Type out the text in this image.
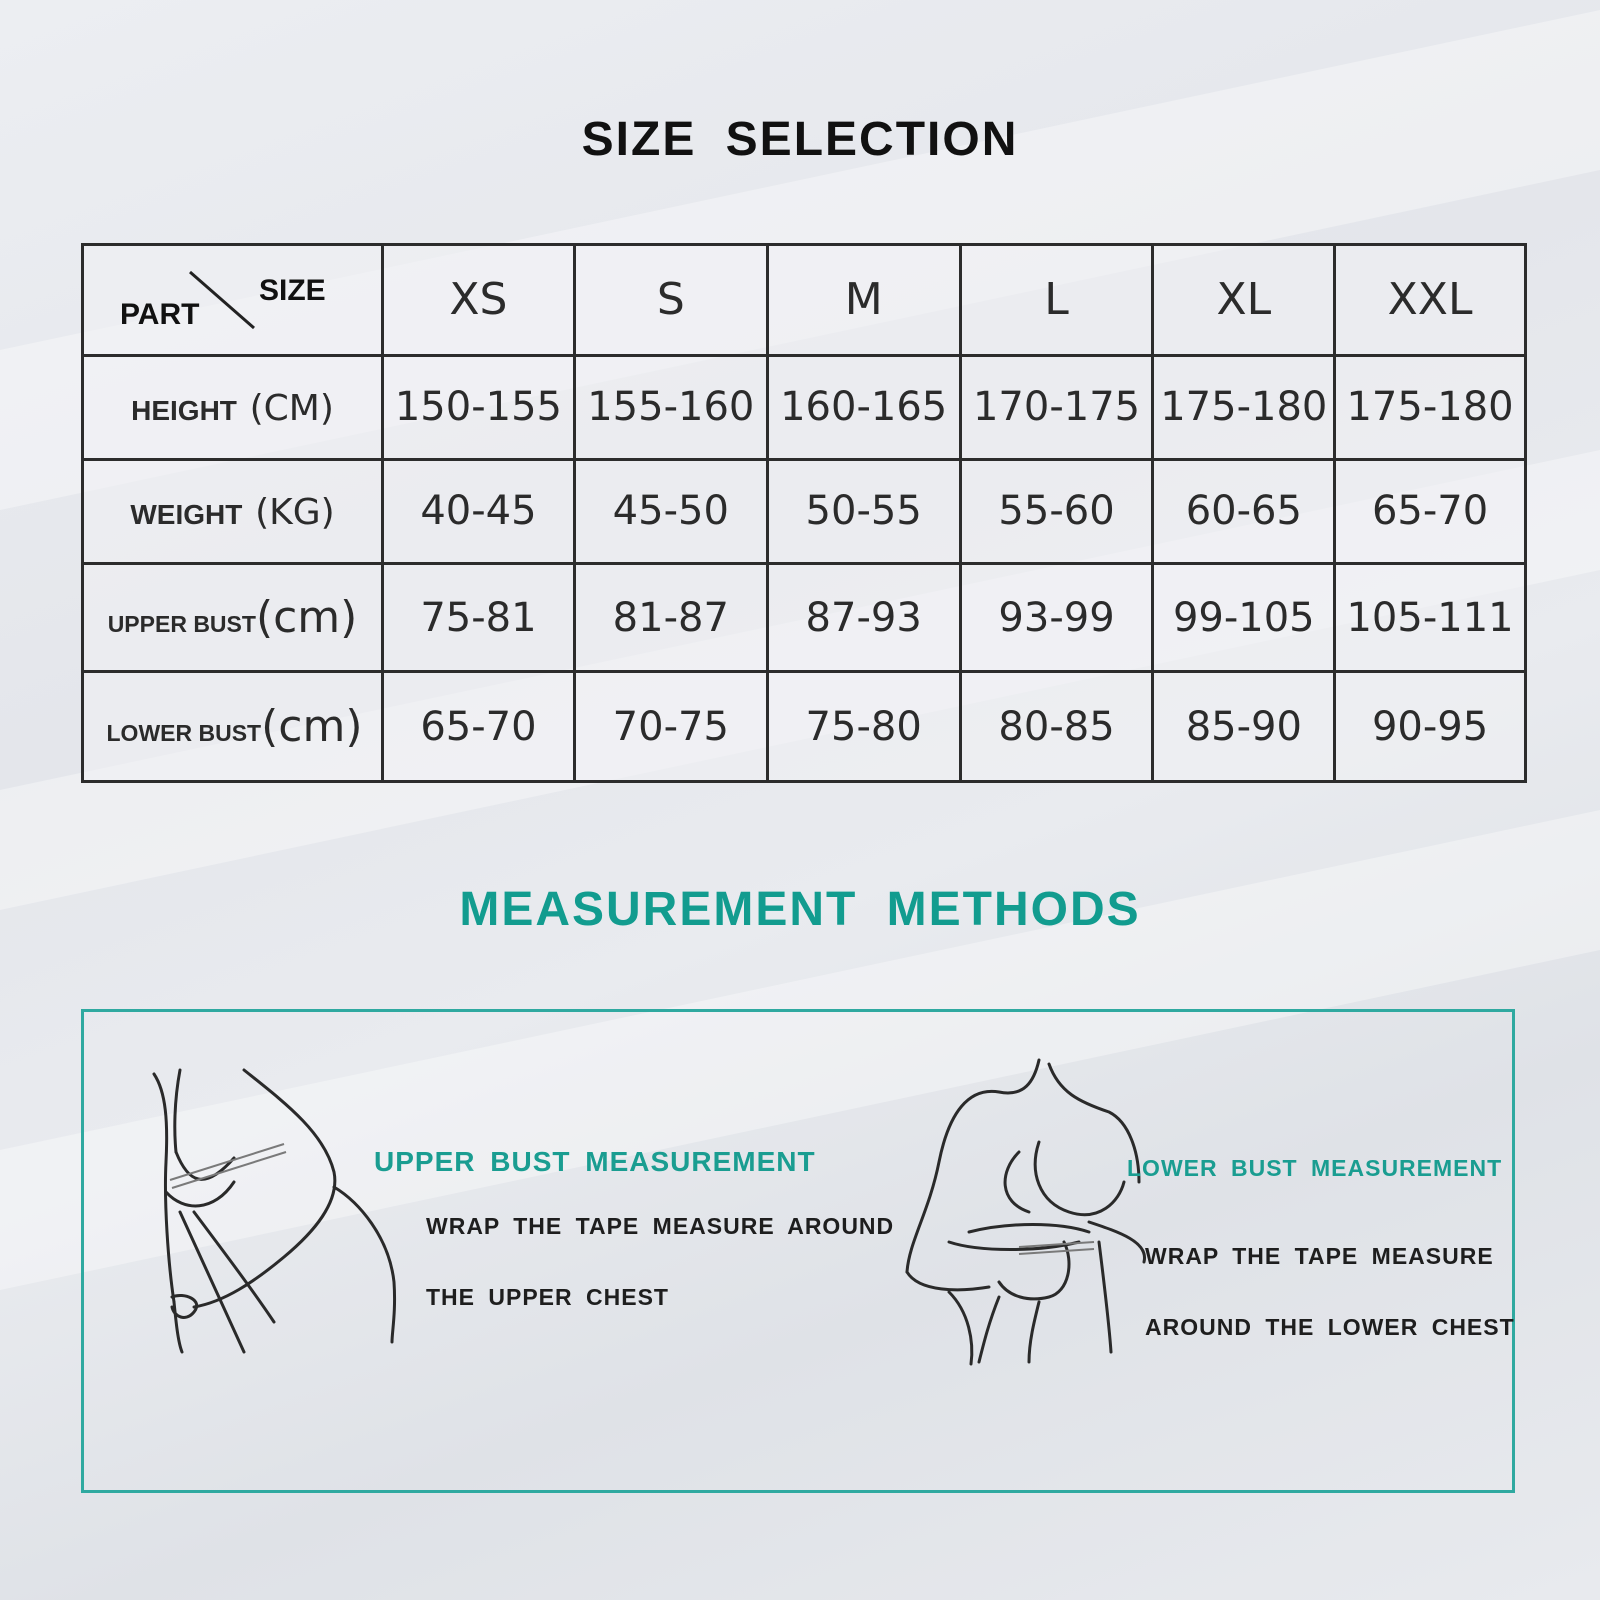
SIZE SELECTION
SIZE
PART	XS	S	M	L	XL	XXL
HEIGHT (CM)	150-155	155-160	160-165	170-175	175-180	175-180
WEIGHT (KG)	40-45	45-50	50-55	55-60	60-65	65-70
UPPER BUST(cm)	75-81	81-87	87-93	93-99	99-105	105-111
LOWER BUST(cm)	65-70	70-75	75-80	80-85	85-90	90-95
MEASUREMENT METHODS
UPPER BUST MEASUREMENT
WRAP THE TAPE MEASURE AROUND
THE UPPER CHEST
LOWER BUST MEASUREMENT
WRAP THE TAPE MEASURE
AROUND THE LOWER CHEST
